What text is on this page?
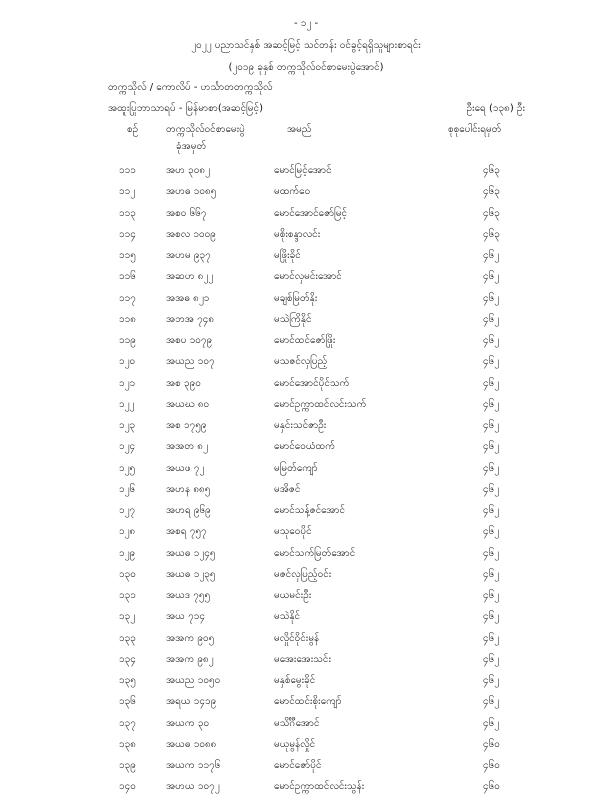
- ၁၂ -
၂၀၂၂ ပညာသင်နှစ် အဆင့်မြင့် သင်တန်း ဝင်ခွင့်ရရှိသူများစာရင်း
(၂၀၁၉ ခုနှစ် တက္ကသိုလ်ဝင်စာမေးပွဲအောင်)
တက္ကသိုလ် / ကောလိပ် - ဟင်္သာတတက္ကသိုလ်
အထူးပြုဘာသာရပ် - မြန်မာစာ(အဆင့်မြင့်)	ဦးရေ (၁၃၈) ဦး
စဉ်	တက္ကသိုလ်ဝင်စာမေးပွဲ
ခုံအမှတ်
အမည်	စုစုပေါင်းရမှတ်
၁၁၁	အဟ ၃၀၈၂	မောင်မြင့်အောင်	၄၆၃
၁၁၂	အဟဓ ၁၀၈၅	မထက်ဝေ	၄၆၃
၁၁၃	အစဝ ၆၆၇	မောင်အောင်ဇော်မြင့်	၄၆၃
၁၁၄	အစလ ၁၀၀၉	မစိုးစန္ဒာလင်း	၄၆၃
၁၁၅	အဟမ ၉၃၇	မဖြိုးခိုင်	၄၆၂
၁၁၆	အဆဟ ၈၂၂	မောင်လှမင်းအောင်	၄၆၂
၁၁၇	အအဓ ၈၂၁	မချစ်မြတ်နိုး	၄၆၂
၁၁၈	အဘအ ၇၄၈	မသဲကြိနိုင်	၄၆၂
၁၁၉	အစပ ၁၀၇၉	မောင်ထင်ဇော်ဖြိုး	၄၆၂
၁၂၀	အယည ၁၀၇	မသဇင်လှပြည့်	၄၆၂
၁၂၁	အစ ၃၉၀	မောင်အောင်ပိုင်သက်	၄၆၂
၁၂၂	အယဃ ၈၀	မောင်ဥက္ကာထင်လင်းသက်	၄၆၂
၁၂၃	အစ ၁၇၅၉	မနှင်းသင်ဇာဦး	၄၆၂
၁၂၄	အအတ ၈၂	မောင်ဝေယံထက်	၄၆၂
၁၂၅	အယဖ ၇၂	မမြတ်ကျော်	၄၆၂
၁၂၆	အဟန ၈၈၅	မအိဇင်	၄၆၂
၁၂၇	အဟရ ၉၆၉	မောင်သန့်ဇင်အောင်	၄၆၂
၁၂၈	အစရ ၇၅၇	မသုဝေပိုင်	၄၆၂
၁၂၉	အယဓ ၁၂၄၅	မောင်သက်မြတ်အောင်	၄၆၂
၁၃၀	အယဓ ၁၂၃၅	မဇင်လှပြည့်ဝင်း	၄၆၂
၁၃၁	အယဒ ၇၅၅	မယမင်းဦး	၄၆၂
၁၃၂	အယ ၇၁၄	မသဲနိုင်	၄၆၂
၁၃၃	အအက ၉၀၅	မလှိုင်ဝိုင်းမွန်	၄၆၂
၁၃၄	အအက ၉၈၂	မအေးအေးသင်း	၄၆၂
၁၃၅	အယည ၁၀၅၀	မနှစ်မွေးခိုင်	၄၆၂
၁၃၆	အရယ ၁၄၁၉	မောင်ထင်းစိုးကျော်	၄၆၂
၁၃၇	အယက ၃၀	မသိင်္ဂီအောင်	၄၆၂
၁၃၈	အယဓ ၁၀၈၈	မယုမွန်လှိုင်	၄၆၀
၁၃၉	အယက ၁၁၇၆	မောင်ဇော်ပိုင်	၄၆၀
၁၄၀	အဟယ ၁၀၇၂	မောင်ဥက္ကာထင်လင်းသွန်း	၄၆၀
